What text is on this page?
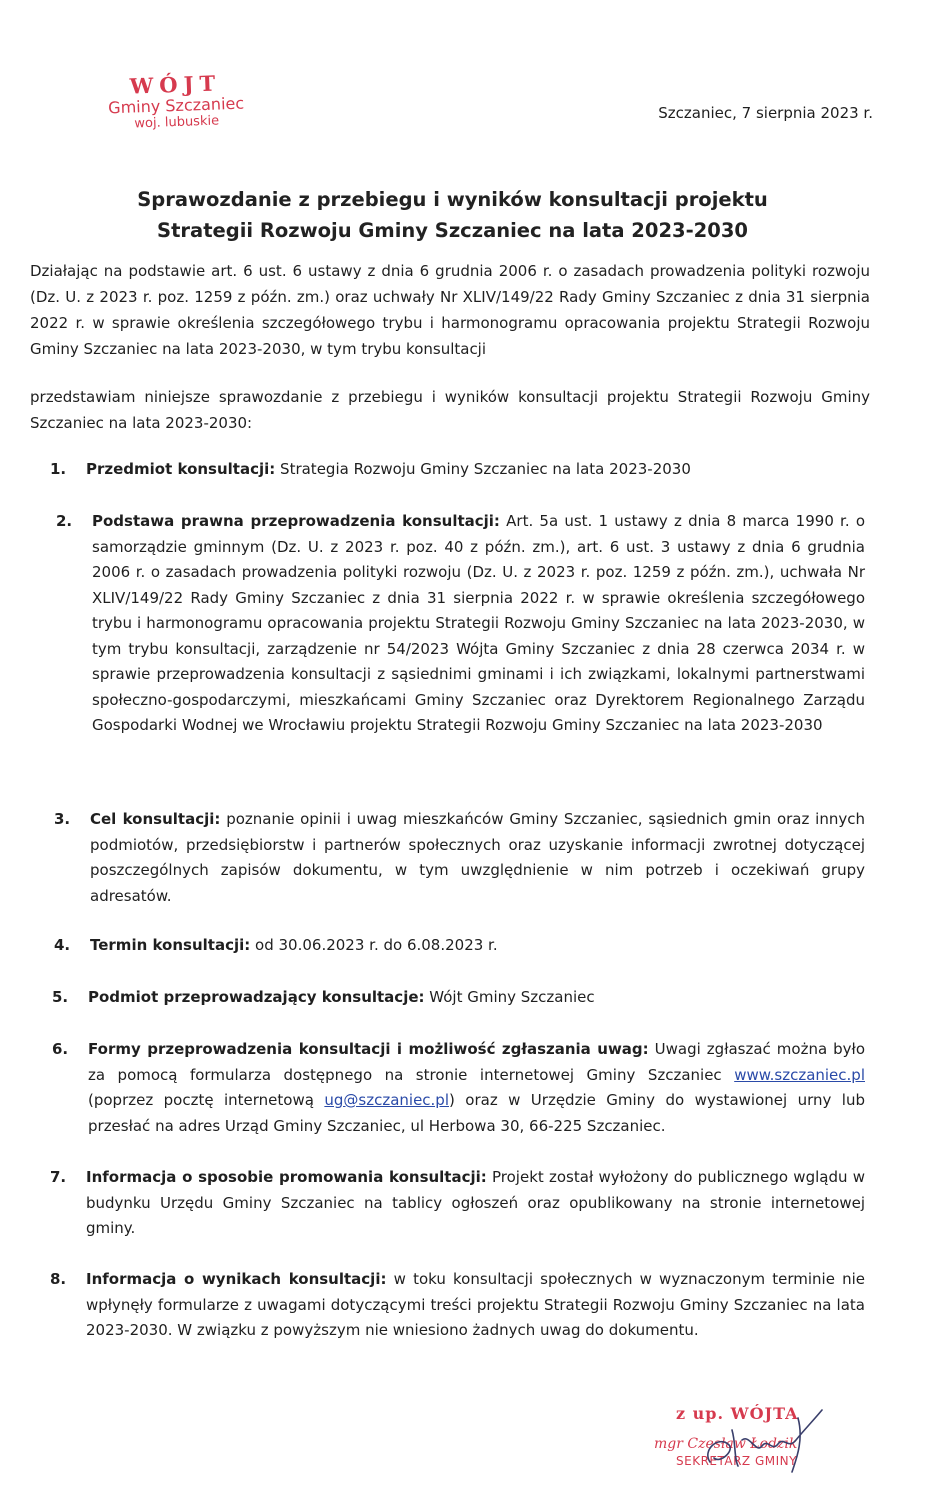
WÓJT
Gminy Szczaniec
woj. lubuskie
Szczaniec, 7 sierpnia 2023 r.
Sprawozdanie z przebiegu i wyników konsultacji projektu
Strategii Rozwoju Gminy Szczaniec na lata 2023-2030

Działając na podstawie art. 6 ust. 6 ustawy z dnia 6 grudnia 2006 r. o zasadach prowadzenia polityki rozwoju (Dz. U. z 2023 r. poz. 1259 z późn. zm.) oraz uchwały Nr XLIV/149/22 Rady Gminy Szczaniec z dnia 31 sierpnia 2022 r. w sprawie określenia szczegółowego trybu i harmonogramu opracowania projektu Strategii Rozwoju Gminy Szczaniec na lata 2023-2030, w tym trybu konsultacji

przedstawiam niniejsze sprawozdanie z przebiegu i wyników konsultacji projektu Strategii Rozwoju Gminy Szczaniec na lata 2023-2030:

1.	Przedmiot konsultacji: Strategia Rozwoju Gminy Szczaniec na lata 2023-2030
2.	Podstawa prawna przeprowadzenia konsultacji: Art. 5a ust. 1 ustawy z dnia 8 marca 1990 r. o samorządzie gminnym (Dz. U. z 2023 r. poz. 40 z późn. zm.), art. 6 ust. 3 ustawy z dnia 6 grudnia 2006 r. o zasadach prowadzenia polityki rozwoju (Dz. U. z 2023 r. poz. 1259 z późn. zm.), uchwała Nr XLIV/149/22 Rady Gminy Szczaniec z dnia 31 sierpnia 2022 r. w sprawie określenia szczegółowego trybu i harmonogramu opracowania projektu Strategii Rozwoju Gminy Szczaniec na lata 2023-2030, w tym trybu konsultacji, zarządzenie nr 54/2023 Wójta Gminy Szczaniec z dnia 28 czerwca 2034 r. w sprawie przeprowadzenia konsultacji z sąsiednimi gminami i ich związkami, lokalnymi partnerstwami społeczno-gospodarczymi, mieszkańcami Gminy Szczaniec oraz Dyrektorem Regionalnego Zarządu Gospodarki Wodnej we Wrocławiu projektu Strategii Rozwoju Gminy Szczaniec na lata 2023-2030
3.	Cel konsultacji: poznanie opinii i uwag mieszkańców Gminy Szczaniec, sąsiednich gmin oraz innych podmiotów, przedsiębiorstw i partnerów społecznych oraz uzyskanie informacji zwrotnej dotyczącej poszczególnych zapisów dokumentu, w tym uwzględnienie w nim potrzeb i oczekiwań grupy adresatów.
4.	Termin konsultacji: od 30.06.2023 r. do 6.08.2023 r.
5.	Podmiot przeprowadzający konsultacje: Wójt Gminy Szczaniec
6.	Formy przeprowadzenia konsultacji i możliwość zgłaszania uwag: Uwagi zgłaszać można było za pomocą formularza dostępnego na stronie internetowej Gminy Szczaniec www.szczaniec.pl (poprzez pocztę internetową ug@szczaniec.pl) oraz w Urzędzie Gminy do wystawionej urny lub przesłać na adres Urząd Gminy Szczaniec, ul Herbowa 30, 66-225 Szczaniec.
7.	Informacja o sposobie promowania konsultacji: Projekt został wyłożony do publicznego wglądu w budynku Urzędu Gminy Szczaniec na tablicy ogłoszeń oraz opublikowany na stronie internetowej gminy.
8.	Informacja o wynikach konsultacji: w toku konsultacji społecznych w wyznaczonym terminie nie wpłynęły formularze z uwagami dotyczącymi treści projektu Strategii Rozwoju Gminy Szczaniec na lata 2023-2030. W związku z powyższym nie wniesiono żadnych uwag do dokumentu.
z up. WÓJTA
mgr Czesław Łodzik
SEKRETARZ GMINY
